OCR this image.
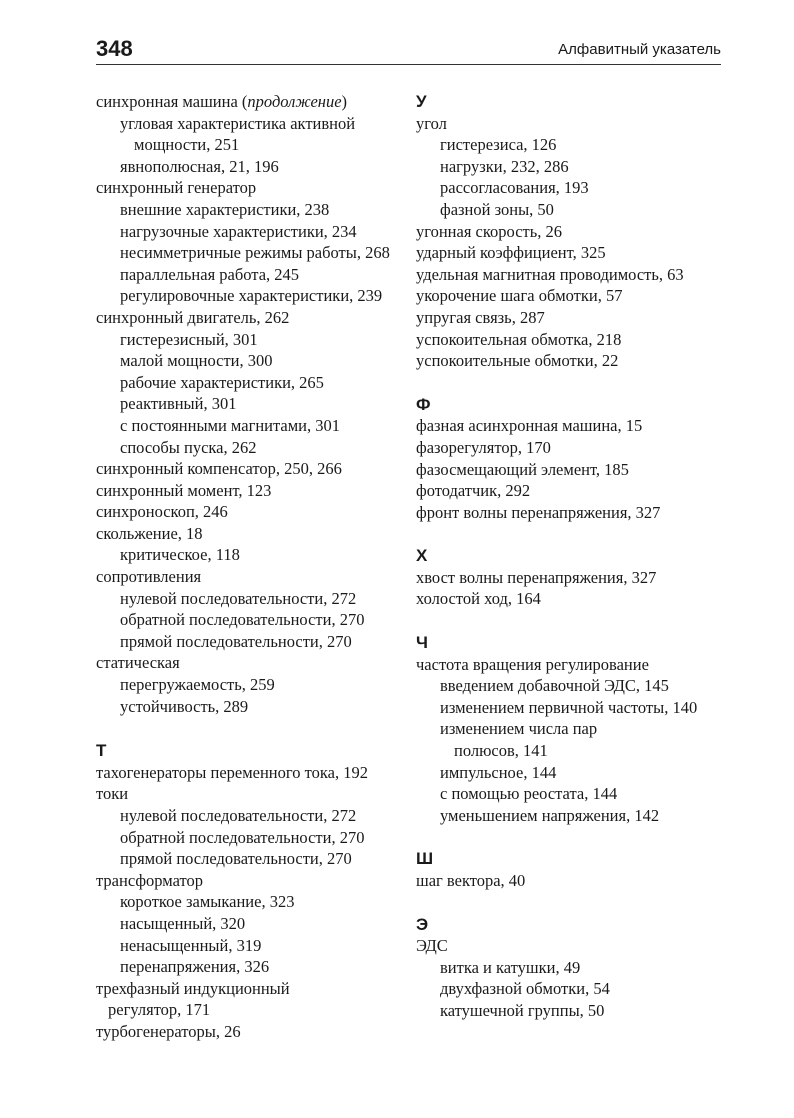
348	Алфавитный указатель
синхронная машина (продолжение)
угловая характеристика активной
мощности, 251
явнополюсная, 21, 196
синхронный генератор
внешние характеристики, 238
нагрузочные характеристики, 234
несимметричные режимы работы, 268
параллельная работа, 245
регулировочные характеристики, 239
синхронный двигатель, 262
гистерезисный, 301
малой мощности, 300
рабочие характеристики, 265
реактивный, 301
с постоянными магнитами, 301
способы пуска, 262
синхронный компенсатор, 250, 266
синхронный момент, 123
синхроноскоп, 246
скольжение, 18
критическое, 118
сопротивления
нулевой последовательности, 272
обратной последовательности, 270
прямой последовательности, 270
статическая
перегружаемость, 259
устойчивость, 289
Т
тахогенераторы переменного тока, 192
токи
нулевой последовательности, 272
обратной последовательности, 270
прямой последовательности, 270
трансформатор
короткое замыкание, 323
насыщенный, 320
ненасыщенный, 319
перенапряжения, 326
трехфазный индукционный
регулятор, 171
турбогенераторы, 26
У
угол
гистерезиса, 126
нагрузки, 232, 286
рассогласования, 193
фазной зоны, 50
угонная скорость, 26
ударный коэффициент, 325
удельная магнитная проводимость, 63
укорочение шага обмотки, 57
упругая связь, 287
успокоительная обмотка, 218
успокоительные обмотки, 22
Ф
фазная асинхронная машина, 15
фазорегулятор, 170
фазосмещающий элемент, 185
фотодатчик, 292
фронт волны перенапряжения, 327
Х
хвост волны перенапряжения, 327
холостой ход, 164
Ч
частота вращения регулирование
введением добавочной ЭДС, 145
изменением первичной частоты, 140
изменением числа пар
полюсов, 141
импульсное, 144
с помощью реостата, 144
уменьшением напряжения, 142
Ш
шаг вектора, 40
Э
ЭДС
витка и катушки, 49
двухфазной обмотки, 54
катушечной группы, 50
